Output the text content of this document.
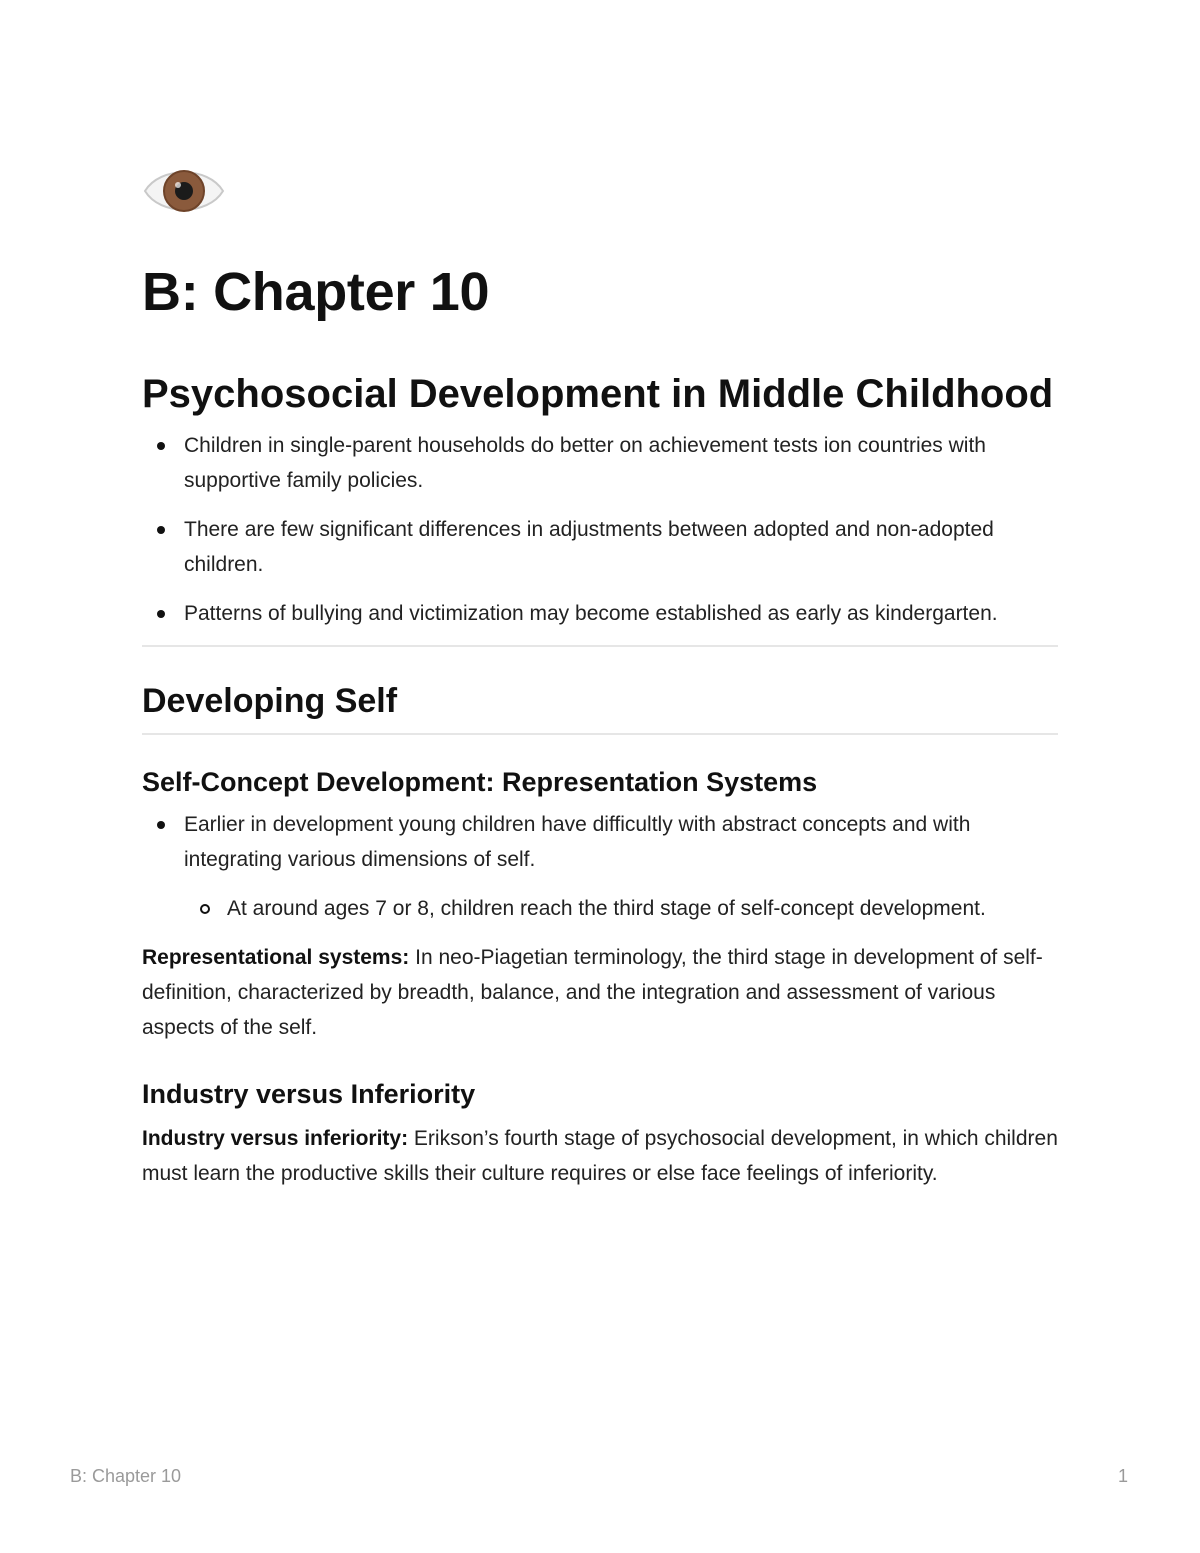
B: Chapter 10
Psychosocial Development in Middle Childhood
Children in single-parent households do better on achievement tests ion countries with supportive family policies.
There are few significant differences in adjustments between adopted and non-adopted children.
Patterns of bullying and victimization may become established as early as kindergarten.
Developing Self
Self-Concept Development: Representation Systems
Earlier in development young children have difficultly with abstract concepts and with integrating various dimensions of self.
At around ages 7 or 8, children reach the third stage of self-concept development.

Representational systems: In neo-Piagetian terminology, the third stage in development of self-definition, characterized by breadth, balance, and the integration and assessment of various aspects of the self.

Industry versus Inferiority

Industry versus inferiority: Erikson’s fourth stage of psychosocial development, in which children must learn the productive skills their culture requires or else face feelings of inferiority.

B: Chapter 10	1
